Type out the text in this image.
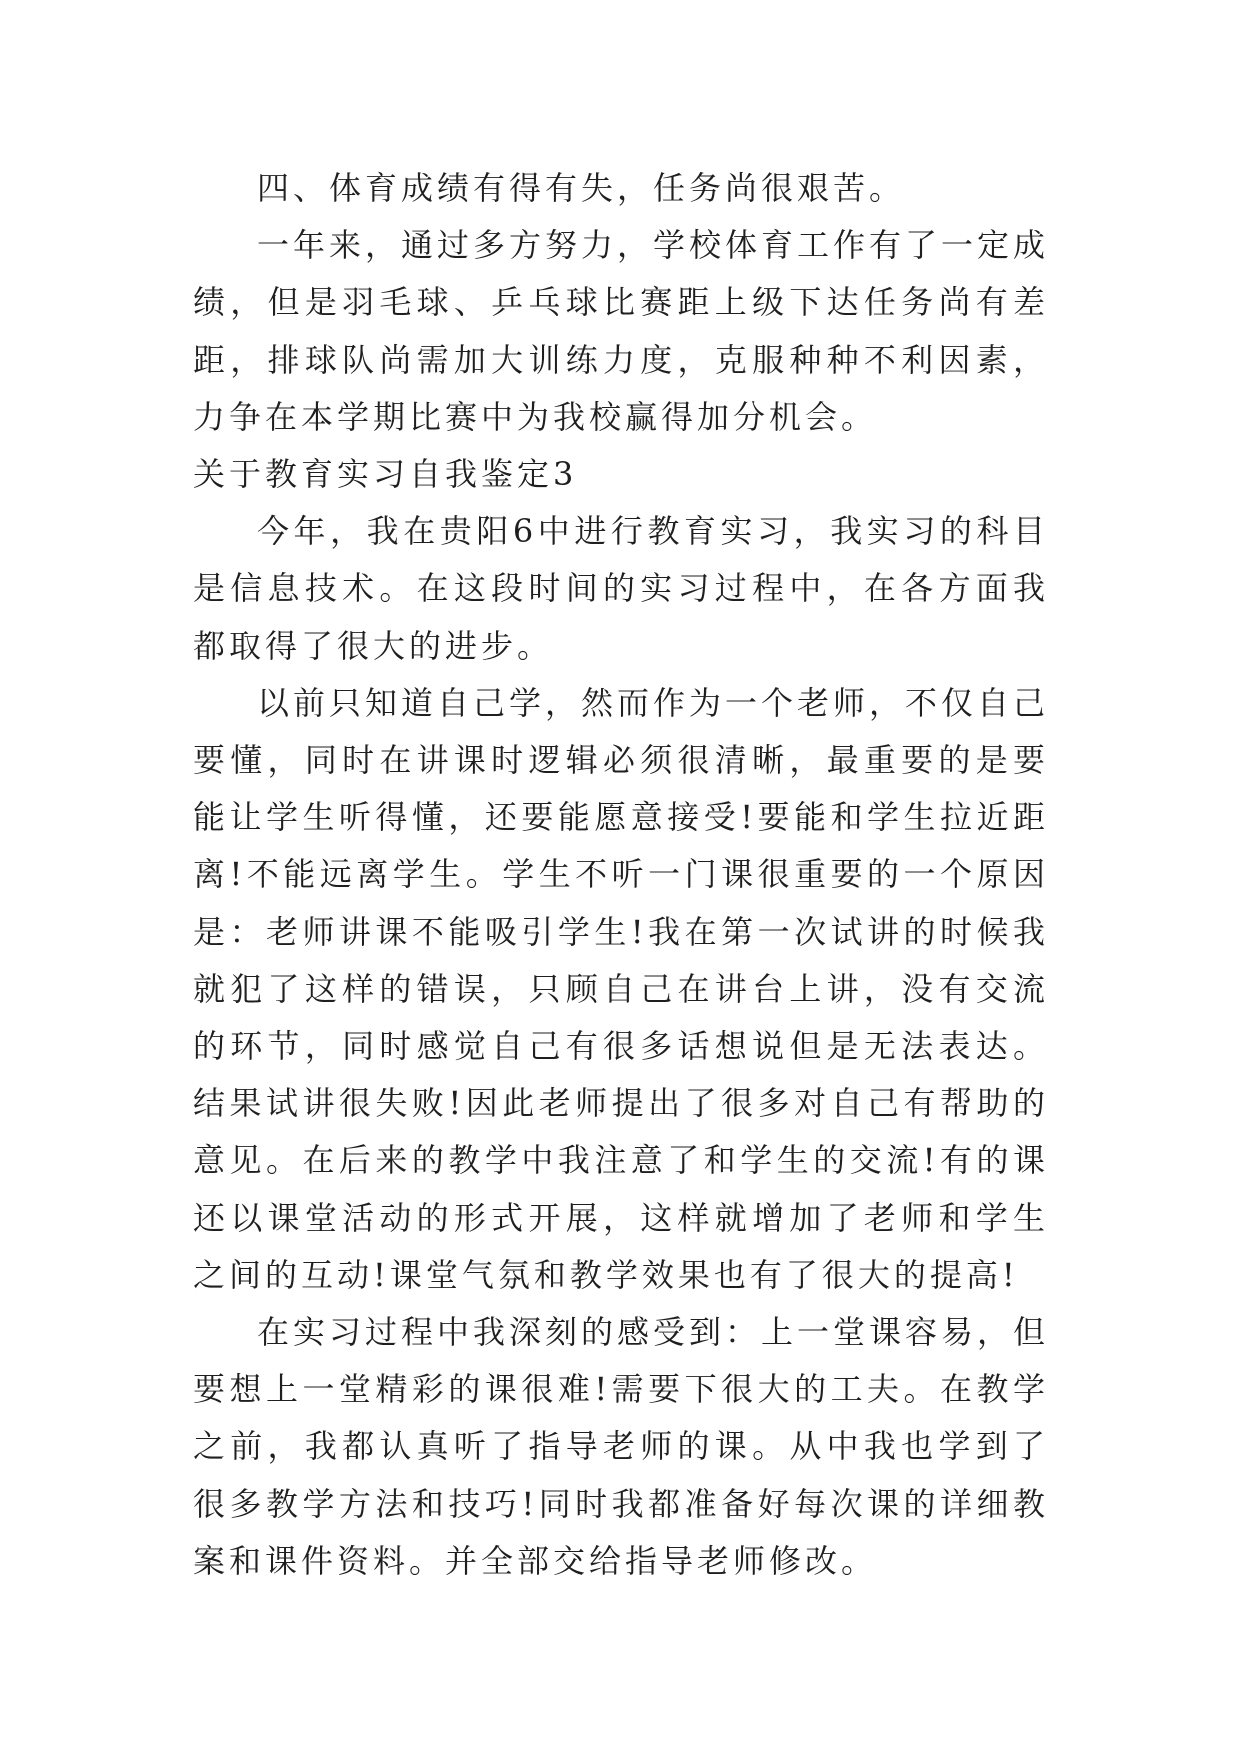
四、体育成绩有得有失，任务尚很艰苦。

一年来，通过多方努力，学校体育工作有了一定成绩，但是羽毛球、乒乓球比赛距上级下达任务尚有差距，排球队尚需加大训练力度，克服种种不利因素，力争在本学期比赛中为我校赢得加分机会。

关于教育实习自我鉴定3

今年，我在贵阳6中进行教育实习，我实习的科目是信息技术。在这段时间的实习过程中，在各方面我都取得了很大的进步。

以前只知道自己学，然而作为一个老师，不仅自己要懂，同时在讲课时逻辑必须很清晰，最重要的是要能让学生听得懂，还要能愿意接受!要能和学生拉近距离!不能远离学生。学生不听一门课很重要的一个原因是：老师讲课不能吸引学生!我在第一次试讲的时候我就犯了这样的错误，只顾自己在讲台上讲，没有交流的环节，同时感觉自己有很多话想说但是无法表达。结果试讲很失败!因此老师提出了很多对自己有帮助的意见。在后来的教学中我注意了和学生的交流!有的课还以课堂活动的形式开展，这样就增加了老师和学生之间的互动!课堂气氛和教学效果也有了很大的提高!

在实习过程中我深刻的感受到：上一堂课容易，但要想上一堂精彩的课很难!需要下很大的工夫。在教学之前，我都认真听了指导老师的课。从中我也学到了很多教学方法和技巧!同时我都准备好每次课的详细教案和课件资料。并全部交给指导老师修改。
